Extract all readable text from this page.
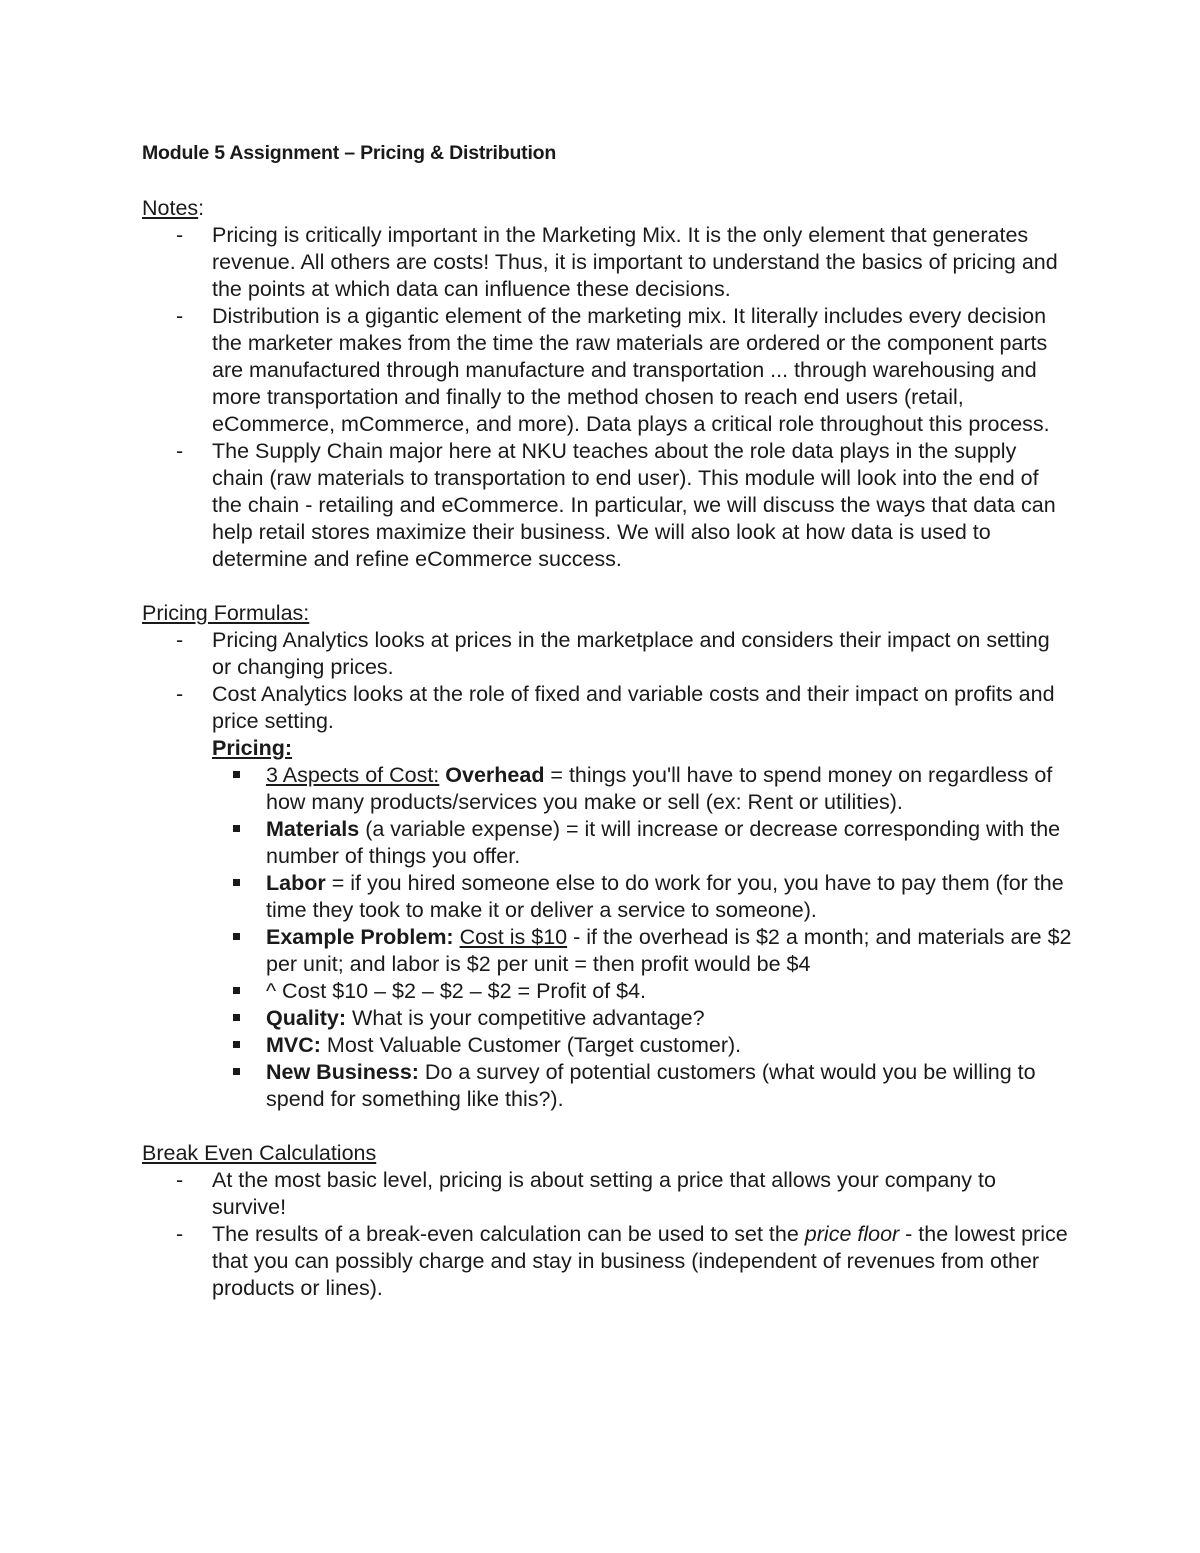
Module 5 Assignment – Pricing & Distribution
Notes:
- Pricing is critically important in the Marketing Mix. It is the only element that generates revenue. All others are costs! Thus, it is important to understand the basics of pricing and the points at which data can influence these decisions.
- Distribution is a gigantic element of the marketing mix. It literally includes every decision the marketer makes from the time the raw materials are ordered or the component parts are manufactured through manufacture and transportation ... through warehousing and more transportation and finally to the method chosen to reach end users (retail, eCommerce, mCommerce, and more). Data plays a critical role throughout this process.
- The Supply Chain major here at NKU teaches about the role data plays in the supply chain (raw materials to transportation to end user). This module will look into the end of the chain - retailing and eCommerce. In particular, we will discuss the ways that data can help retail stores maximize their business. We will also look at how data is used to determine and refine eCommerce success.
Pricing Formulas:
- Pricing Analytics looks at prices in the marketplace and considers their impact on setting or changing prices.
- Cost Analytics looks at the role of fixed and variable costs and their impact on profits and price setting.
Pricing:
3 Aspects of Cost: Overhead = things you'll have to spend money on regardless of how many products/services you make or sell (ex: Rent or utilities).
Materials (a variable expense) = it will increase or decrease corresponding with the number of things you offer.
Labor = if you hired someone else to do work for you, you have to pay them (for the time they took to make it or deliver a service to someone).
Example Problem: Cost is $10 - if the overhead is $2 a month; and materials are $2 per unit; and labor is $2 per unit = then profit would be $4
^ Cost $10 – $2 – $2 – $2 = Profit of $4.
Quality: What is your competitive advantage?
MVC: Most Valuable Customer (Target customer).
New Business: Do a survey of potential customers (what would you be willing to spend for something like this?).
Break Even Calculations
- At the most basic level, pricing is about setting a price that allows your company to survive!
- The results of a break-even calculation can be used to set the price floor - the lowest price that you can possibly charge and stay in business (independent of revenues from other products or lines).
